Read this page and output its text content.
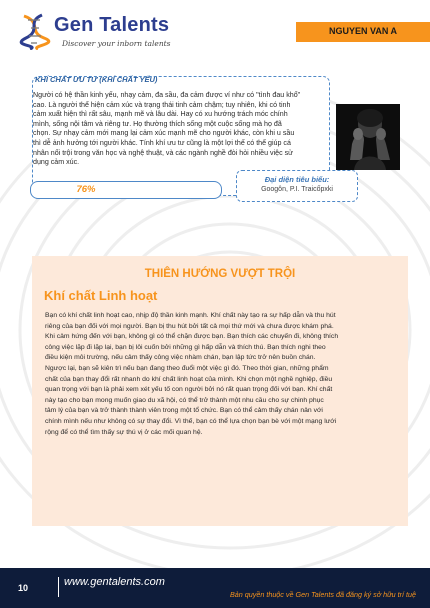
Gen Talents
Discover your inborn talents
NGUYEN VAN A
KHÍ CHẤT ƯU TƯ (KHÍ CHẤT YẾU)
Người có hệ thần kinh yếu, nhạy cảm, đa sầu, đa cảm được ví như có "tình đau khổ"
cao. Là người thể hiện cảm xúc và trạng thái tinh cảm chậm; tuy nhiên, khi có tinh
cảm xuất hiện thì rất sâu, mạnh mẽ và lâu dài. Hay có xu hướng trách móc chính
mình, sống nội tâm và riêng tư. Họ thường thích sống một cuộc sống mà họ đã
chọn. Sự nhạy cảm mới mang lại cảm xúc mạnh mẽ cho người khác, còn khi u sầu
thì dễ ảnh hưởng tới người khác. Tính khí ưu tư cũng là một lợi thế có thể giúp cá
nhân nổi trội trong văn học và nghệ thuật, và các ngành nghề đòi hỏi nhiều việc sử
dụng cảm xúc.
76%
Đại diện tiêu biểu:
Googôn, P.I. Traicốpxki
THIÊN HƯỚNG VƯỢT TRỘI
Khí chất Linh hoạt
Bạn có khí chất linh hoạt cao, nhịp độ thần kinh mạnh. Khí chất này tạo ra sự hấp dẫn và thu hút
riêng của bạn đối với mọi người. Bạn bị thu hút bởi tất cả mọi thứ mới và chưa được khám phá.
Khi cảm hứng đến với bạn, không gì có thể chặn được bạn. Bạn thích các chuyến đi, không thích
công việc lặp đi lặp lại, bạn bị lôi cuốn bởi những gì hấp dẫn và thích thú. Bạn thích nghi theo
điều kiện môi trường, nếu cảm thấy công việc nhàm chán, bạn lập tức trở nên buồn chán.
Ngược lại, bạn sẽ kiên trì nếu bạn đang theo đuổi một việc gì đó. Theo thời gian, những phẩm
chất của bạn thay đổi rất nhanh do khí chất linh hoạt của mình. Khi chọn một nghề nghiệp, điều
quan trọng với bạn là phải xem xét yếu tố con người bởi nó rất quan trọng đối với bạn. Khí chất
này tạo cho bạn mong muốn giao du xã hội, có thể trở thành một nhu cầu cho sự chinh phục
tâm lý của bạn và trở thành thành viên trong một tổ chức. Bạn có thể cảm thấy chán nản với
chính mình nếu như không có sự thay đổi. Vì thế, bạn có thể lựa chọn bạn bè với một mạng lưới
rộng để có thể tìm thấy sự thú vị ở các mối quan hệ.
10	www.gentalents.com
Bản quyền thuộc về Gen Talents đã đăng ký sở hữu trí tuệ
